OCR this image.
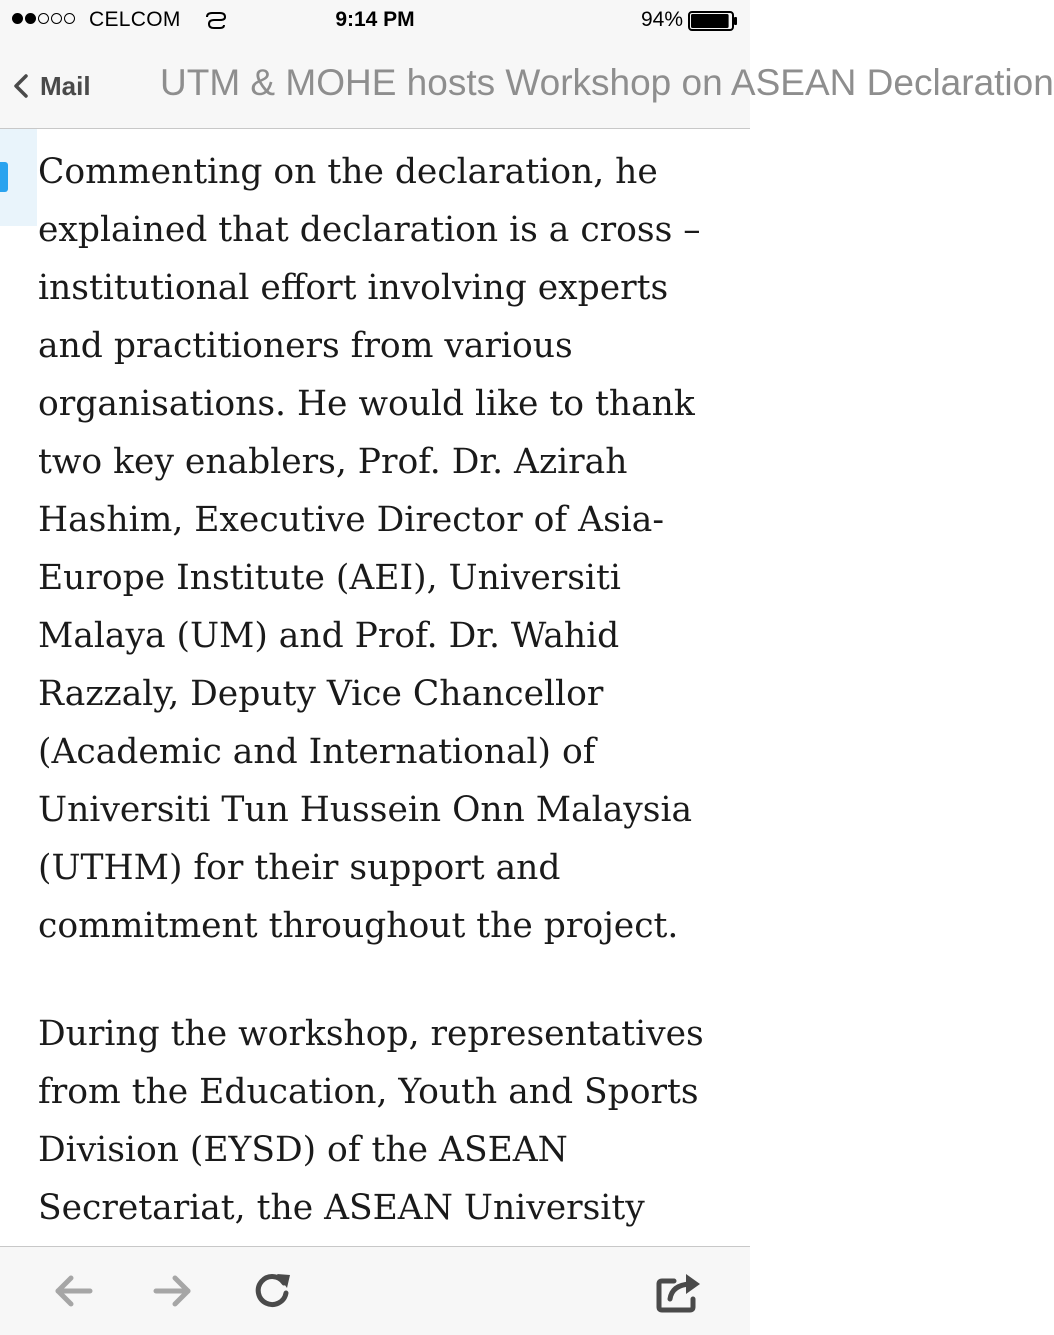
CELCOM	9:14 PM	94%
Mail UTM & MOHE hosts Workshop on ASEAN Declaration

Commenting on the declaration, he explained that declaration is a cross – institutional effort involving experts and practitioners from various organisations. He would like to thank two key enablers, Prof. Dr. Azirah Hashim, Executive Director of Asia-Europe Institute (AEI), Universiti Malaya (UM) and Prof. Dr. Wahid Razzaly, Deputy Vice Chancellor (Academic and International) of Universiti Tun Hussein Onn Malaysia (UTHM) for their support and commitment throughout the project.

During the workshop, representatives from the Education, Youth and Sports Division (EYSD) of the ASEAN Secretariat, the ASEAN University
